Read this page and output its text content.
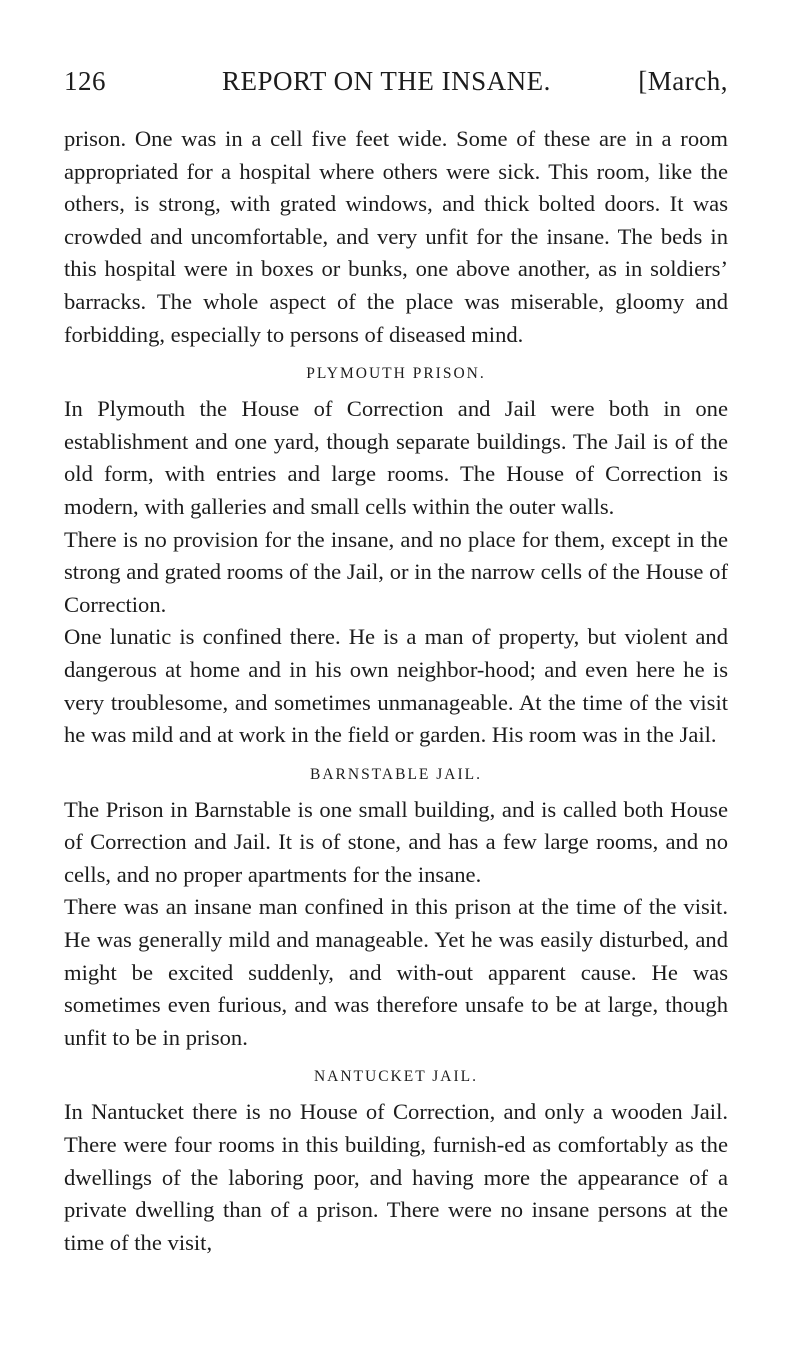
126	REPORT ON THE INSANE.	[March,

prison. One was in a cell five feet wide. Some of these are in a room appropriated for a hospital where others were sick. This room, like the others, is strong, with grated windows, and thick bolted doors. It was crowded and uncomfortable, and very unfit for the insane. The beds in this hospital were in boxes or bunks, one above another, as in soldiers’ barracks. The whole aspect of the place was miserable, gloomy and forbidding, especially to persons of diseased mind.

PLYMOUTH PRISON.

In Plymouth the House of Correction and Jail were both in one establishment and one yard, though separate buildings. The Jail is of the old form, with entries and large rooms. The House of Correction is modern, with galleries and small cells within the outer walls.

There is no provision for the insane, and no place for them, except in the strong and grated rooms of the Jail, or in the narrow cells of the House of Correction.

One lunatic is confined there. He is a man of property, but violent and dangerous at home and in his own neighbor-hood; and even here he is very troublesome, and sometimes unmanageable. At the time of the visit he was mild and at work in the field or garden. His room was in the Jail.

BARNSTABLE JAIL.

The Prison in Barnstable is one small building, and is called both House of Correction and Jail. It is of stone, and has a few large rooms, and no cells, and no proper apartments for the insane.

There was an insane man confined in this prison at the time of the visit. He was generally mild and manageable. Yet he was easily disturbed, and might be excited suddenly, and with-out apparent cause. He was sometimes even furious, and was therefore unsafe to be at large, though unfit to be in prison.

NANTUCKET JAIL.

In Nantucket there is no House of Correction, and only a wooden Jail. There were four rooms in this building, furnish-ed as comfortably as the dwellings of the laboring poor, and having more the appearance of a private dwelling than of a prison. There were no insane persons at the time of the visit,
